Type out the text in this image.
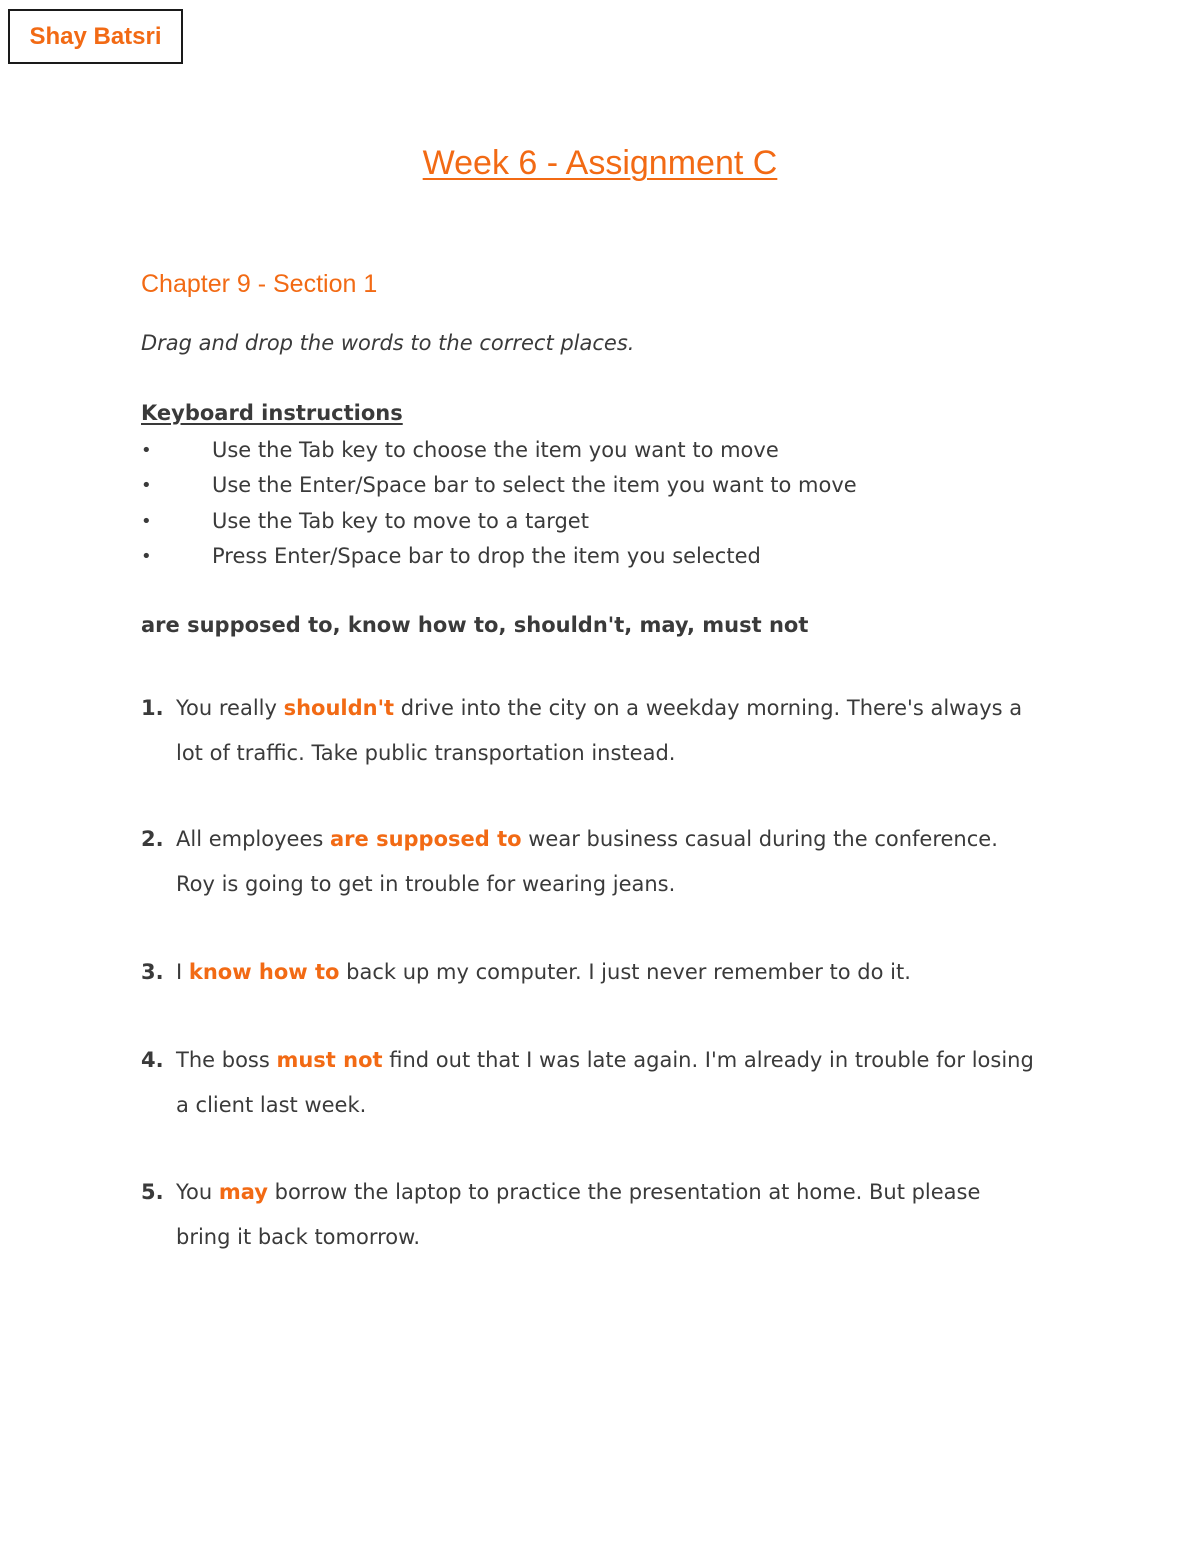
Shay Batsri
Week 6 - Assignment C
Chapter 9 - Section 1
Drag and drop the words to the correct places.
Keyboard instructions
•	Use the Tab key to choose the item you want to move
•	Use the Enter/Space bar to select the item you want to move
•	Use the Tab key to move to a target
•	Press Enter/Space bar to drop the item you selected
are supposed to, know how to, shouldn't, may, must not
1. You really shouldn't drive into the city on a weekday morning. There's always a lot of traffic. Take public transportation instead.
2. All employees are supposed to wear business casual during the conference. Roy is going to get in trouble for wearing jeans.
3. I know how to back up my computer. I just never remember to do it.
4. The boss must not find out that I was late again. I'm already in trouble for losing a client last week.
5. You may borrow the laptop to practice the presentation at home. But please bring it back tomorrow.
